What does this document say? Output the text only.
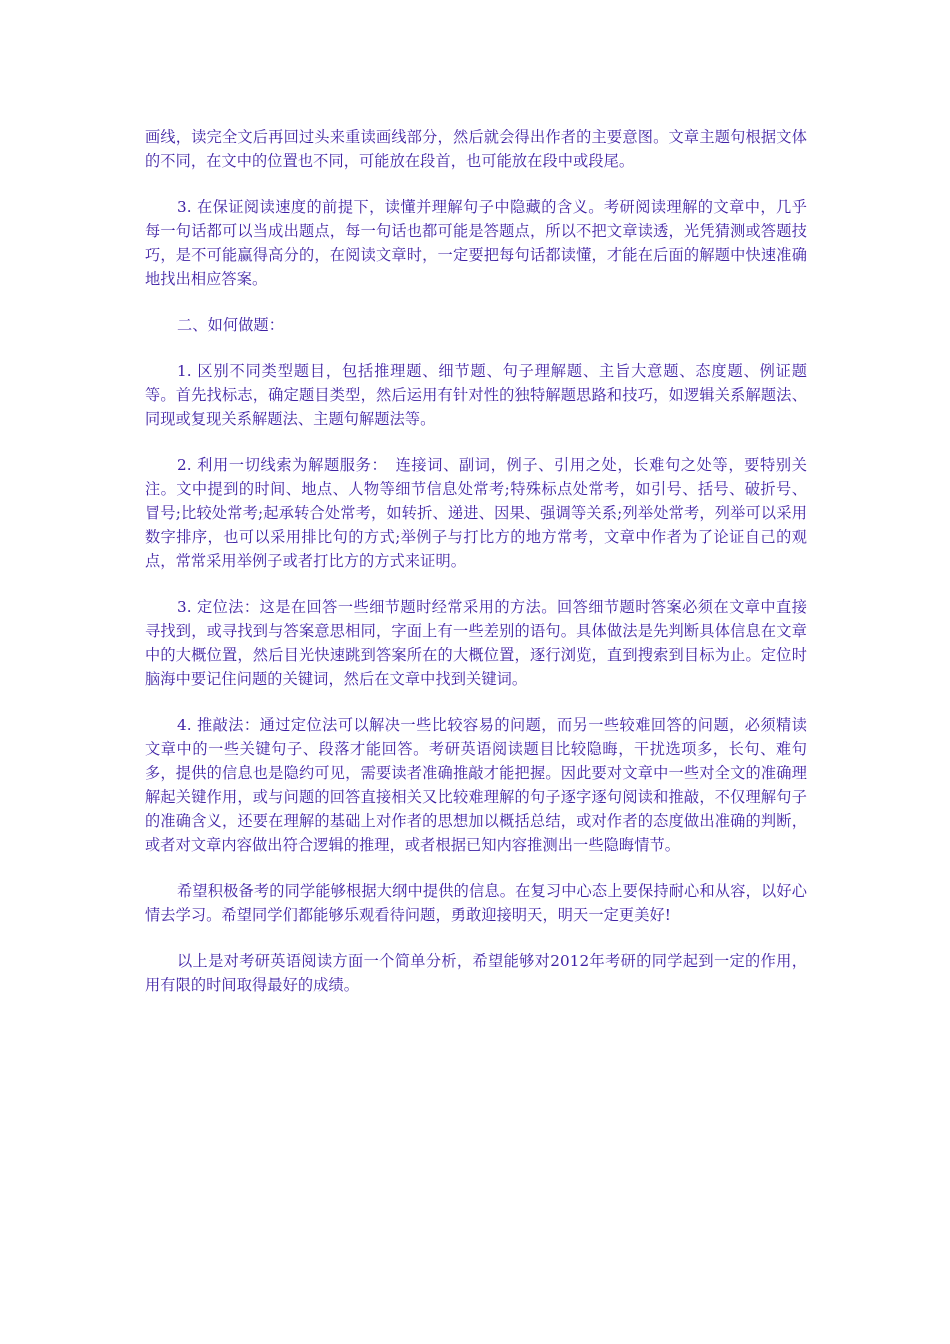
画线，读完全文后再回过头来重读画线部分，然后就会得出作者的主要意图。文章主题句根据文体的不同，在文中的位置也不同，可能放在段首，也可能放在段中或段尾。

3. 在保证阅读速度的前提下，读懂并理解句子中隐藏的含义。考研阅读理解的文章中，几乎每一句话都可以当成出题点，每一句话也都可能是答题点，所以不把文章读透，光凭猜测或答题技巧，是不可能赢得高分的，在阅读文章时，一定要把每句话都读懂，才能在后面的解题中快速准确地找出相应答案。

二、如何做题：

1. 区别不同类型题目，包括推理题、细节题、句子理解题、主旨大意题、态度题、例证题等。首先找标志，确定题目类型，然后运用有针对性的独特解题思路和技巧，如逻辑关系解题法、同现或复现关系解题法、主题句解题法等。

2. 利用一切线索为解题服务：　连接词、副词，例子、引用之处，长难句之处等，要特别关注。文中提到的时间、地点、人物等细节信息处常考;特殊标点处常考，如引号、括号、破折号、冒号;比较处常考;起承转合处常考，如转折、递进、因果、强调等关系;列举处常考，列举可以采用数字排序，也可以采用排比句的方式;举例子与打比方的地方常考，文章中作者为了论证自己的观点，常常采用举例子或者打比方的方式来证明。

3. 定位法：这是在回答一些细节题时经常采用的方法。回答细节题时答案必须在文章中直接寻找到，或寻找到与答案意思相同，字面上有一些差别的语句。具体做法是先判断具体信息在文章中的大概位置，然后目光快速跳到答案所在的大概位置，逐行浏览，直到搜索到目标为止。定位时脑海中要记住问题的关键词，然后在文章中找到关键词。

4. 推敲法：通过定位法可以解决一些比较容易的问题，而另一些较难回答的问题，必须精读文章中的一些关键句子、段落才能回答。考研英语阅读题目比较隐晦，干扰选项多，长句、难句多，提供的信息也是隐约可见，需要读者准确推敲才能把握。因此要对文章中一些对全文的准确理解起关键作用，或与问题的回答直接相关又比较难理解的句子逐字逐句阅读和推敲，不仅理解句子的准确含义，还要在理解的基础上对作者的思想加以概括总结，或对作者的态度做出准确的判断，或者对文章内容做出符合逻辑的推理，或者根据已知内容推测出一些隐晦情节。

希望积极备考的同学能够根据大纲中提供的信息。在复习中心态上要保持耐心和从容，以好心情去学习。希望同学们都能够乐观看待问题，勇敢迎接明天，明天一定更美好!

以上是对考研英语阅读方面一个简单分析，希望能够对2012年考研的同学起到一定的作用，用有限的时间取得最好的成绩。
